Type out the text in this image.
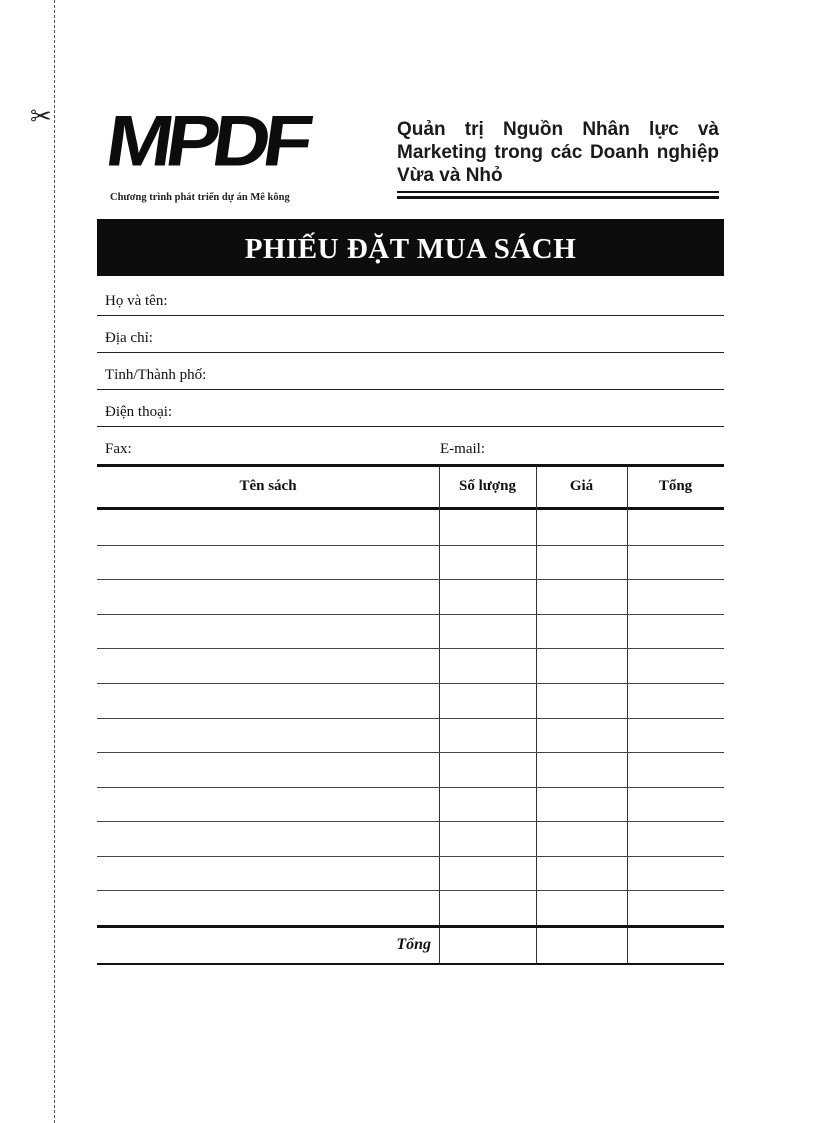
✂ MPDF
Chương trình phát triển dự án Mê kông
Quản trị Nguồn Nhân lực và Marketing trong các Doanh nghiệp Vừa và Nhỏ
PHIẾU ĐẶT MUA SÁCH
Họ và tên:
Địa chỉ:
Tỉnh/Thành phố:
Điện thoại:
Fax:	E-mail:
Tên sách	Số lượng	Giá	Tổng
Tổng
